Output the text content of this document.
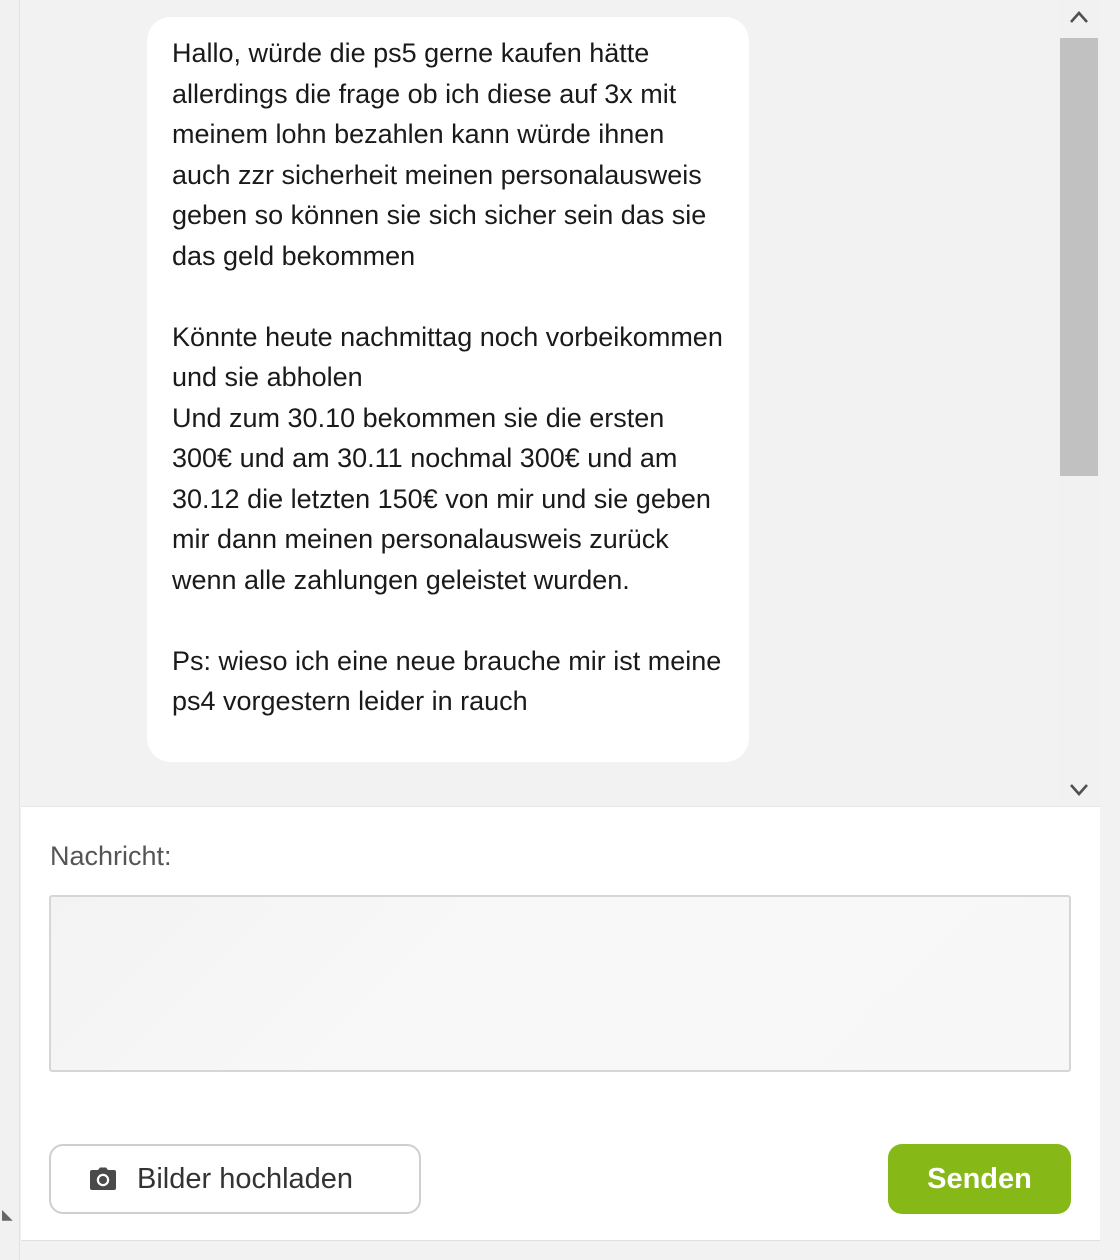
◣
Hallo, würde die ps5 gerne kaufen hätte allerdings die frage ob ich diese auf 3x mit meinem lohn bezahlen kann würde ihnen auch zzr sicherheit meinen personalausweis geben so können sie sich sicher sein das sie das geld bekommen

Könnte heute nachmittag noch vorbeikommen und sie abholen
Und zum 30.10 bekommen sie die ersten 300€ und am 30.11 nochmal 300€ und am 30.12 die letzten 150€ von mir und sie geben mir dann meinen personalausweis zurück wenn alle zahlungen geleistet wurden.

Ps: wieso ich eine neue brauche mir ist meine ps4 vorgestern leider in rauch
Nachricht:
Bilder hochladen	Senden
